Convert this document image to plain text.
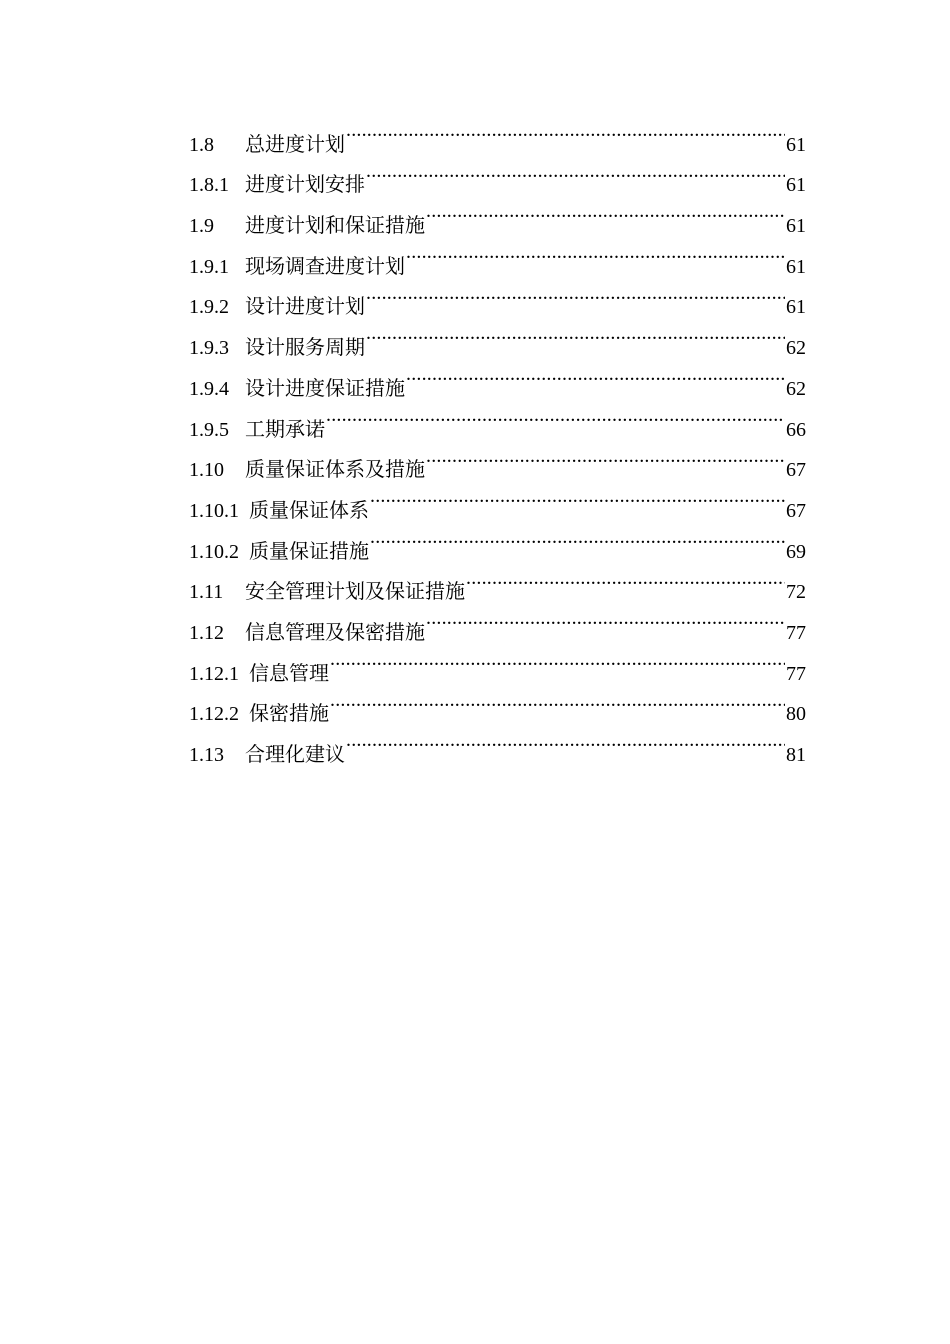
1.8	总进度计划 .....	61
1.8.1 进度计划安排 .....	61
1.9	进度计划和保证措施 .....	61
1.9.1 现场调查进度计划 .....	61
1.9.2 设计进度计划 .....	61
1.9.3 设计服务周期 .....	62
1.9.4 设计进度保证措施 .....	62
1.9.5 工期承诺 .....	66
1.10	质量保证体系及措施 .....	67
1.10.1 质量保证体系 .....	67
1.10.2 质量保证措施 .....	69
1.11	安全管理计划及保证措施 .....	72
1.12	信息管理及保密措施 .....	77
1.12.1 信息管理 .....	77
1.12.2 保密措施 .....	80
1.13	合理化建议 .....	81
